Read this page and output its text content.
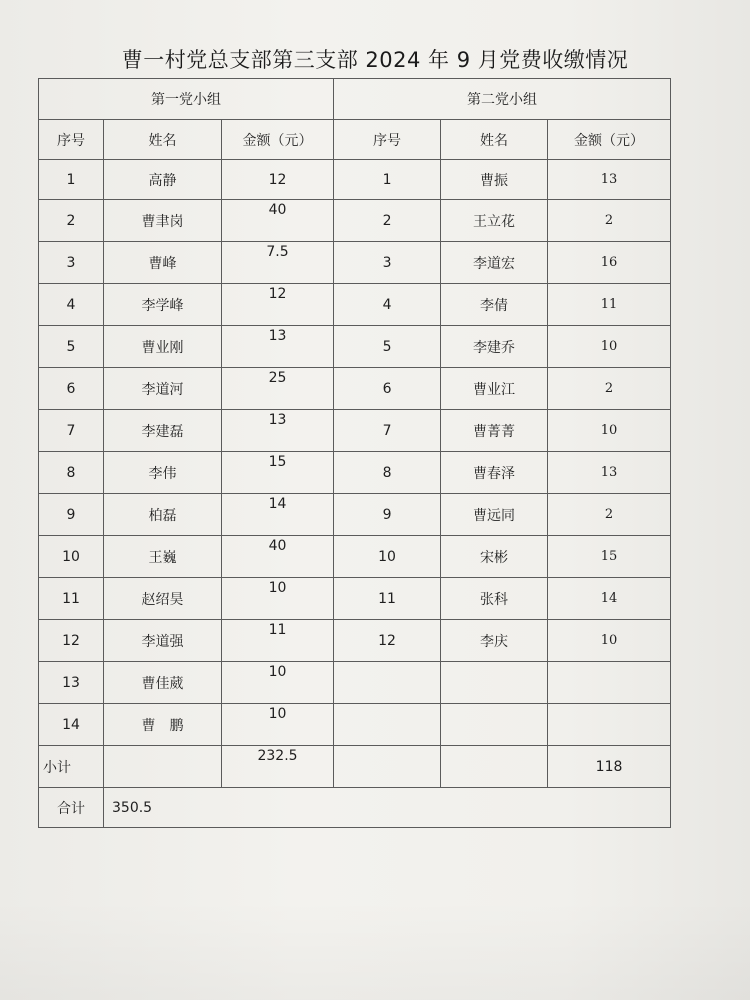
曹一村党总支部第三支部 2024 年 9 月党费收缴情况
第一党小组			第二党小组		
序号	姓名	金额（元）	序号	姓名	金额（元）
1	高静	12	1	曹振	13
2	曹聿岗	40	2	王立花	2
3	曹峰	7.5	3	李道宏	16
4	李学峰	12	4	李倩	11
5	曹业刚	13	5	李建乔	10
6	李道河	25	6	曹业江	2
7	李建磊	13	7	曹菁菁	10
8	李伟	15	8	曹春泽	13
9	柏磊	14	9	曹远同	2
10	王巍	40	10	宋彬	15
11	赵绍昊	10	11	张科	14
12	李道强	11	12	李庆	10
13	曹佳葳	10			
14	曹　鹏	10			
小计		232.5			118
合计	350.5				
